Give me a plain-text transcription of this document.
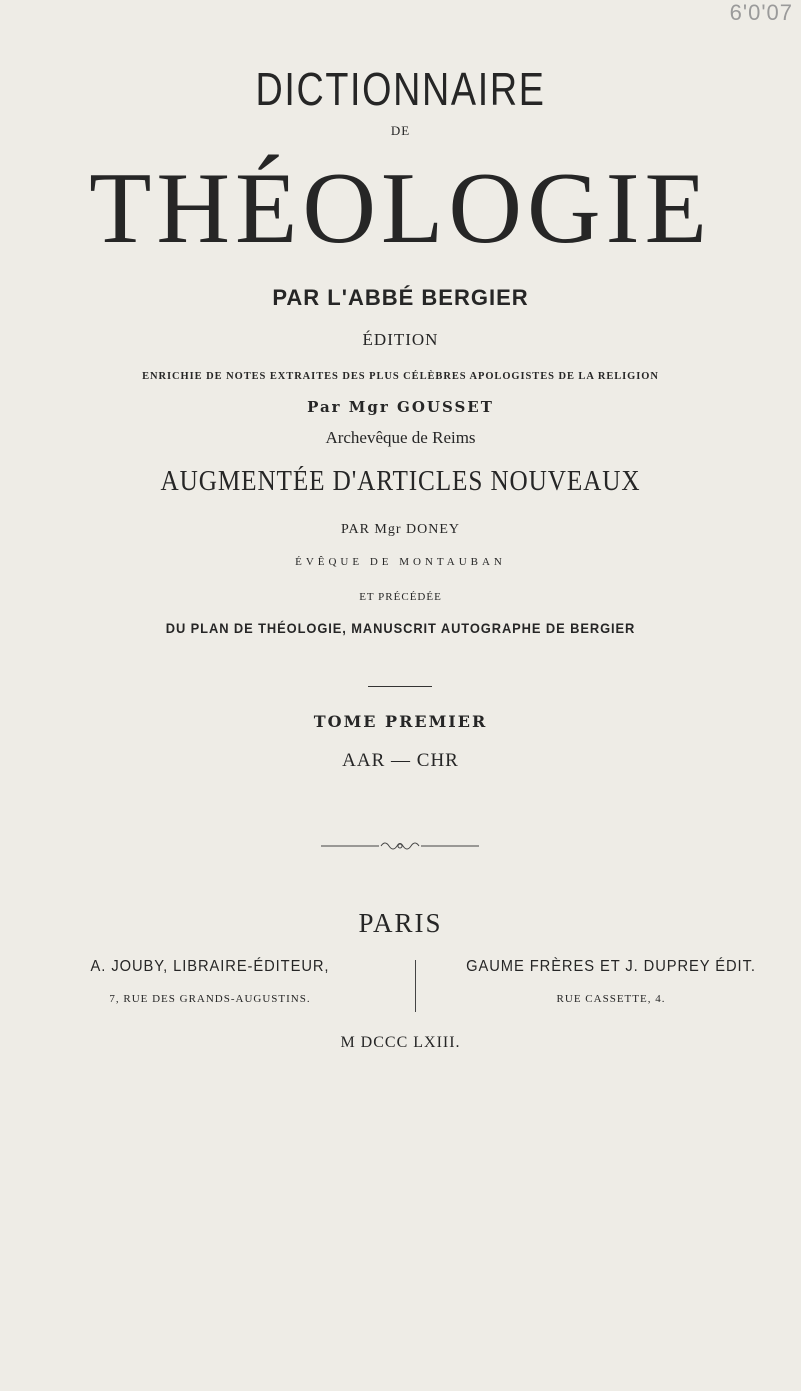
6'0'07
DICTIONNAIRE
DE
THÉOLOGIE
PAR L'ABBÉ BERGIER
ÉDITION
ENRICHIE DE NOTES EXTRAITES DES PLUS CÉLÈBRES APOLOGISTES DE LA RELIGION
Par Mgr GOUSSET
Archevêque de Reims
AUGMENTÉE D'ARTICLES NOUVEAUX
PAR Mgr DONEY
ÉVÊQUE DE MONTAUBAN
ET PRÉCÉDÉE
DU PLAN DE THÉOLOGIE, MANUSCRIT AUTOGRAPHE DE BERGIER
TOME PREMIER
AAR — CHR
PARIS
A. JOUBY, LIBRAIRE-ÉDITEUR,
7, RUE DES GRANDS-AUGUSTINS.
GAUME FRÈRES ET J. DUPREY ÉDIT.
RUE CASSETTE, 4.
M DCCC LXIII.
